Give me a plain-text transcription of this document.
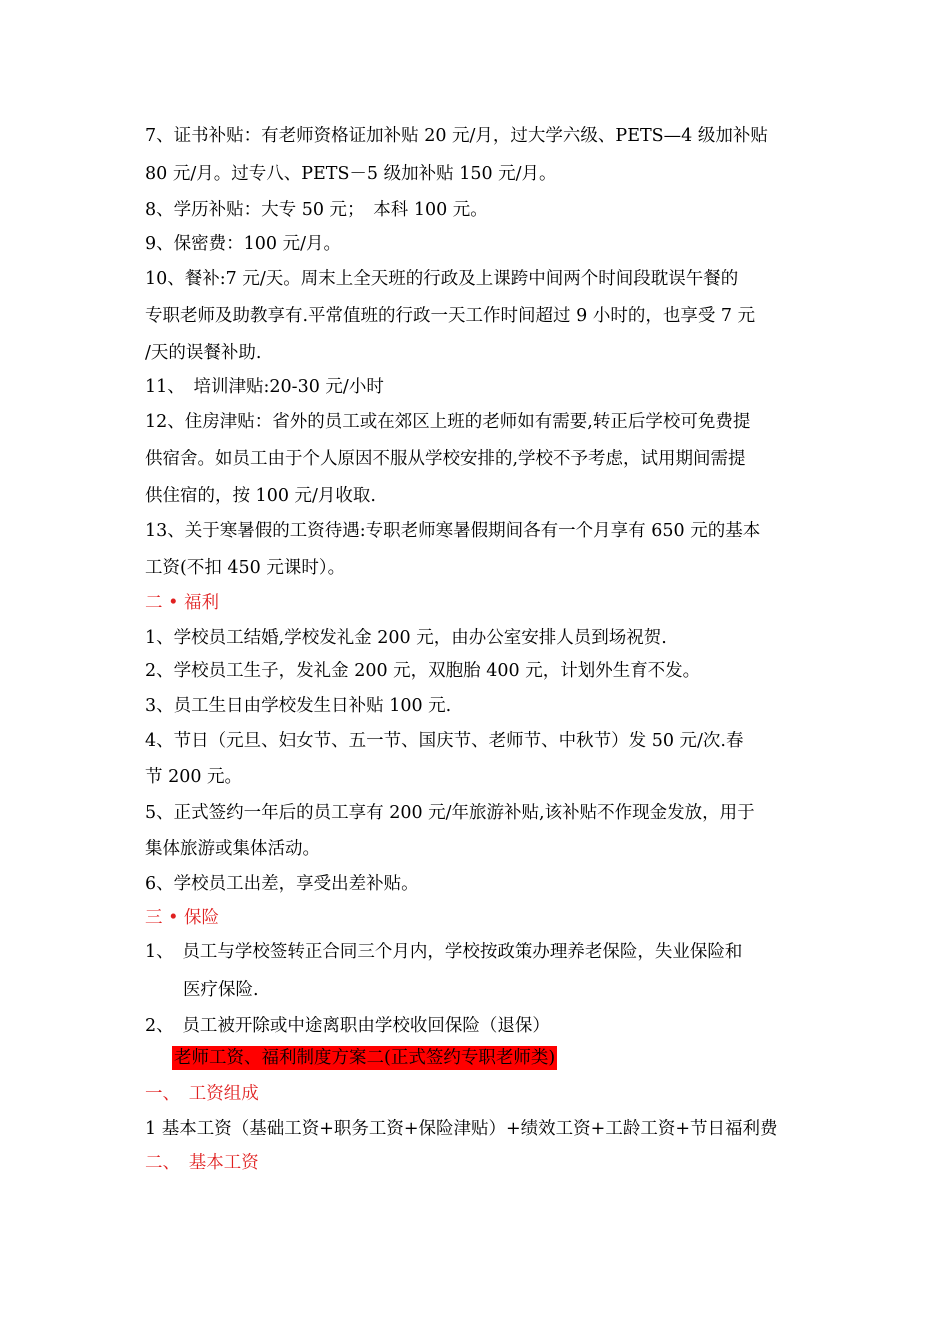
7、证书补贴：有老师资格证加补贴 20 元/月，过大学六级、PETS—4 级加补贴
80 元/月。过专八、PETS－5 级加补贴 150 元/月。
8、学历补贴：大专 50 元；　本科 100 元。
9、保密费：100 元/月。
10、餐补:7 元/天。周末上全天班的行政及上课跨中间两个时间段耽误午餐的
专职老师及助教享有.平常值班的行政一天工作时间超过 9 小时的，也享受 7 元
/天的误餐补助.
11、　培训津贴:20-30 元/小时
12、住房津贴：省外的员工或在郊区上班的老师如有需要,转正后学校可免费提
供宿舍。如员工由于个人原因不服从学校安排的,学校不予考虑，试用期间需提
供住宿的，按 100 元/月收取.
13、关于寒暑假的工资待遇:专职老师寒暑假期间各有一个月享有 650 元的基本
工资(不扣 450 元课时）。
二 • 福利
1、学校员工结婚,学校发礼金 200 元，由办公室安排人员到场祝贺.
2、学校员工生子，发礼金 200 元，双胞胎 400 元，计划外生育不发。
3、员工生日由学校发生日补贴 100 元.
4、节日（元旦、妇女节、五一节、国庆节、老师节、中秋节）发 50 元/次.春
节 200 元。
5、正式签约一年后的员工享有 200 元/年旅游补贴,该补贴不作现金发放，用于
集体旅游或集体活动。
6、学校员工出差，享受出差补贴。
三 • 保险
1、　员工与学校签转正合同三个月内，学校按政策办理养老保险，失业保险和
医疗保险.
2、　员工被开除或中途离职由学校收回保险（退保）
老师工资、福利制度方案二(正式签约专职老师类)
一、　工资组成
1 基本工资（基础工资+职务工资+保险津贴）+绩效工资+工龄工资+节日福利费
二、　基本工资
